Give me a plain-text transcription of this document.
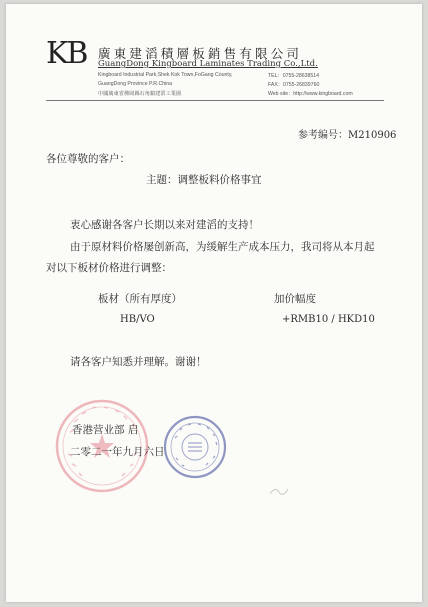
KB 廣東建滔積層板銷售有限公司
GuangDong Kingboard Laminates Trading Co.,Ltd.
Kingboard Industrial Park,Shek Kok Town,FoGang County,
GuangDong Province P.R.China
中國廣東省佛岡縣石角鎮建滔工業園
TEL：0755-28638514
FAX：0755-26839760
Web site：http://www.kingboard.com
参考编号：M210906
各位尊敬的客户：
主题：调整板料价格事宜
衷心感谢各客户长期以来对建滔的支持！
由于原材料价格屡创新高，为缓解生产成本压力，我司将从本月起
对以下板材价格进行调整：
板材（所有厚度）	加价幅度
HB/VO	+RMB10 / HKD10
请各客户知悉并理解。谢谢！
香港营业部 启
二零二一年九月六日
